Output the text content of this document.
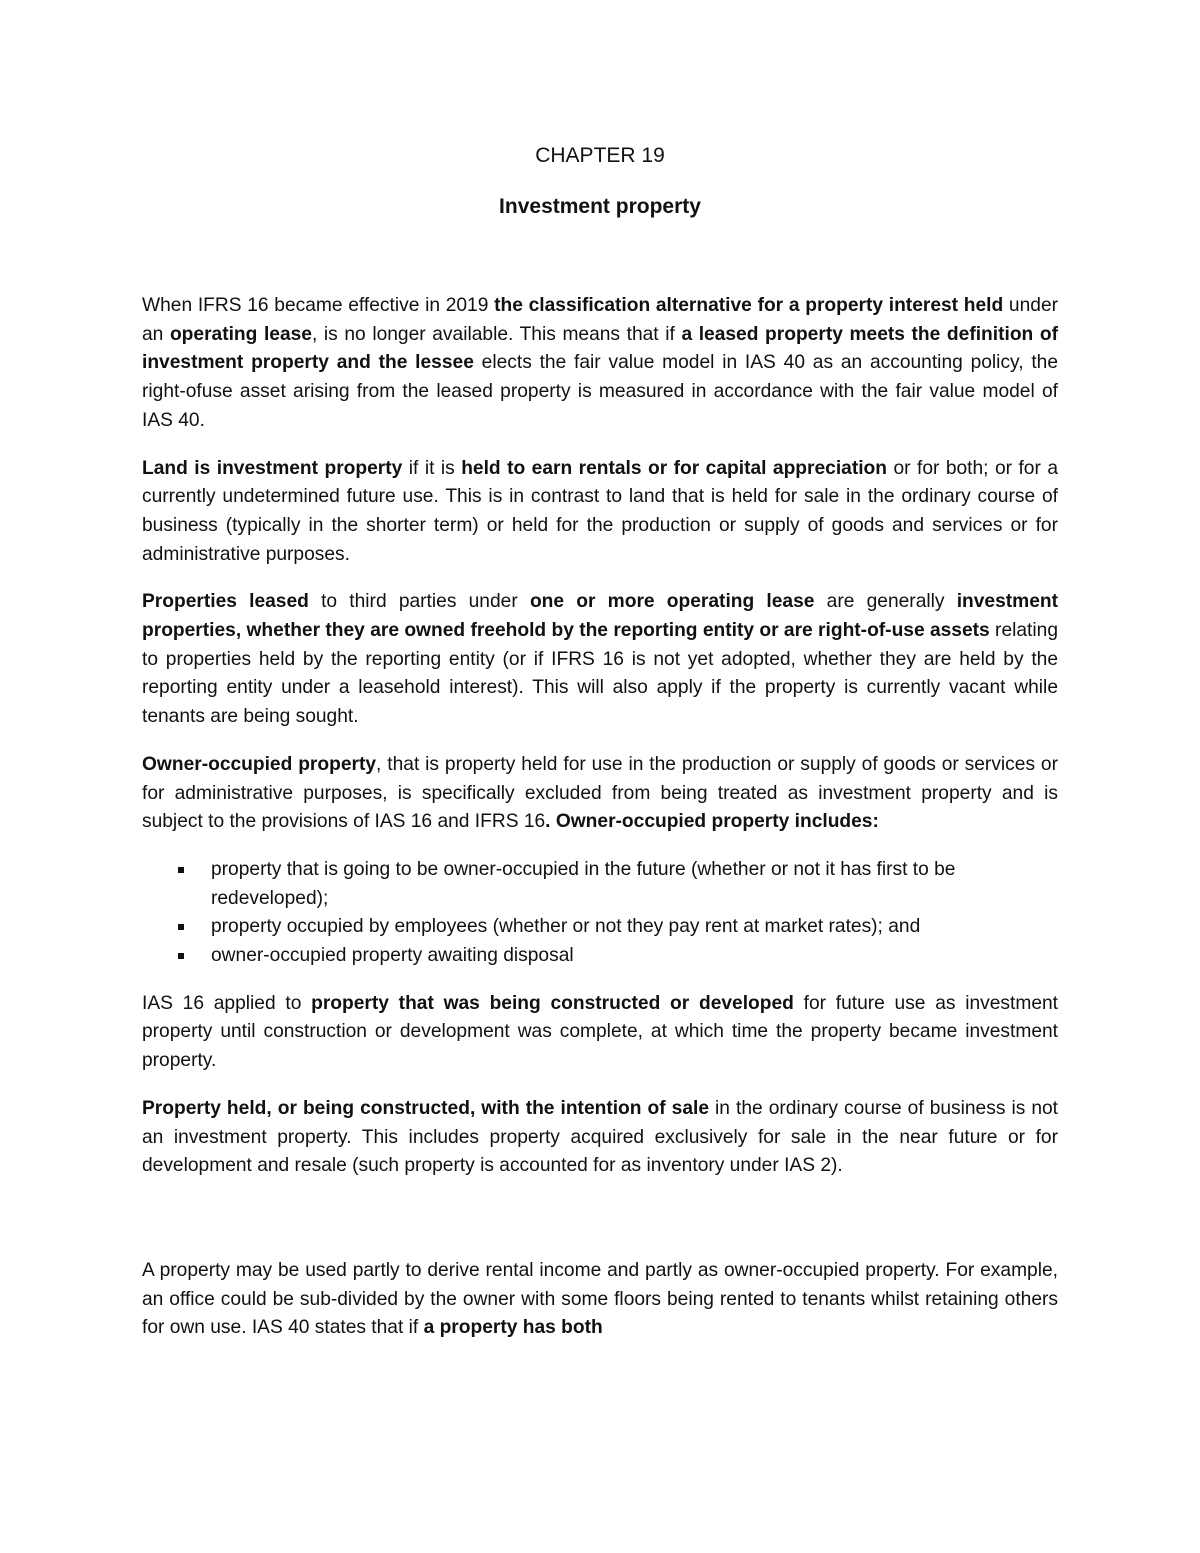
CHAPTER 19
Investment property

When IFRS 16 became effective in 2019 the classification alternative for a property interest held under an operating lease, is no longer available. This means that if a leased property meets the definition of investment property and the lessee elects the fair value model in IAS 40 as an accounting policy, the right-ofuse asset arising from the leased property is measured in accordance with the fair value model of IAS 40.

Land is investment property if it is held to earn rentals or for capital appreciation or for both; or for a currently undetermined future use. This is in contrast to land that is held for sale in the ordinary course of business (typically in the shorter term) or held for the production or supply of goods and services or for administrative purposes.

Properties leased to third parties under one or more operating lease are generally investment properties, whether they are owned freehold by the reporting entity or are right-of-use assets relating to properties held by the reporting entity (or if IFRS 16 is not yet adopted, whether they are held by the reporting entity under a leasehold interest). This will also apply if the property is currently vacant while tenants are being sought.

Owner-occupied property, that is property held for use in the production or supply of goods or services or for administrative purposes, is specifically excluded from being treated as investment property and is subject to the provisions of IAS 16 and IFRS 16. Owner-occupied property includes:

property that is going to be owner-occupied in the future (whether or not it has first to be redeveloped);
property occupied by employees (whether or not they pay rent at market rates); and
owner-occupied property awaiting disposal

IAS 16 applied to property that was being constructed or developed for future use as investment property until construction or development was complete, at which time the property became investment property.

Property held, or being constructed, with the intention of sale in the ordinary course of business is not an investment property. This includes property acquired exclusively for sale in the near future or for development and resale (such property is accounted for as inventory under IAS 2).

A property may be used partly to derive rental income and partly as owner-occupied property. For example, an office could be sub-divided by the owner with some floors being rented to tenants whilst retaining others for own use. IAS 40 states that if a property has both
